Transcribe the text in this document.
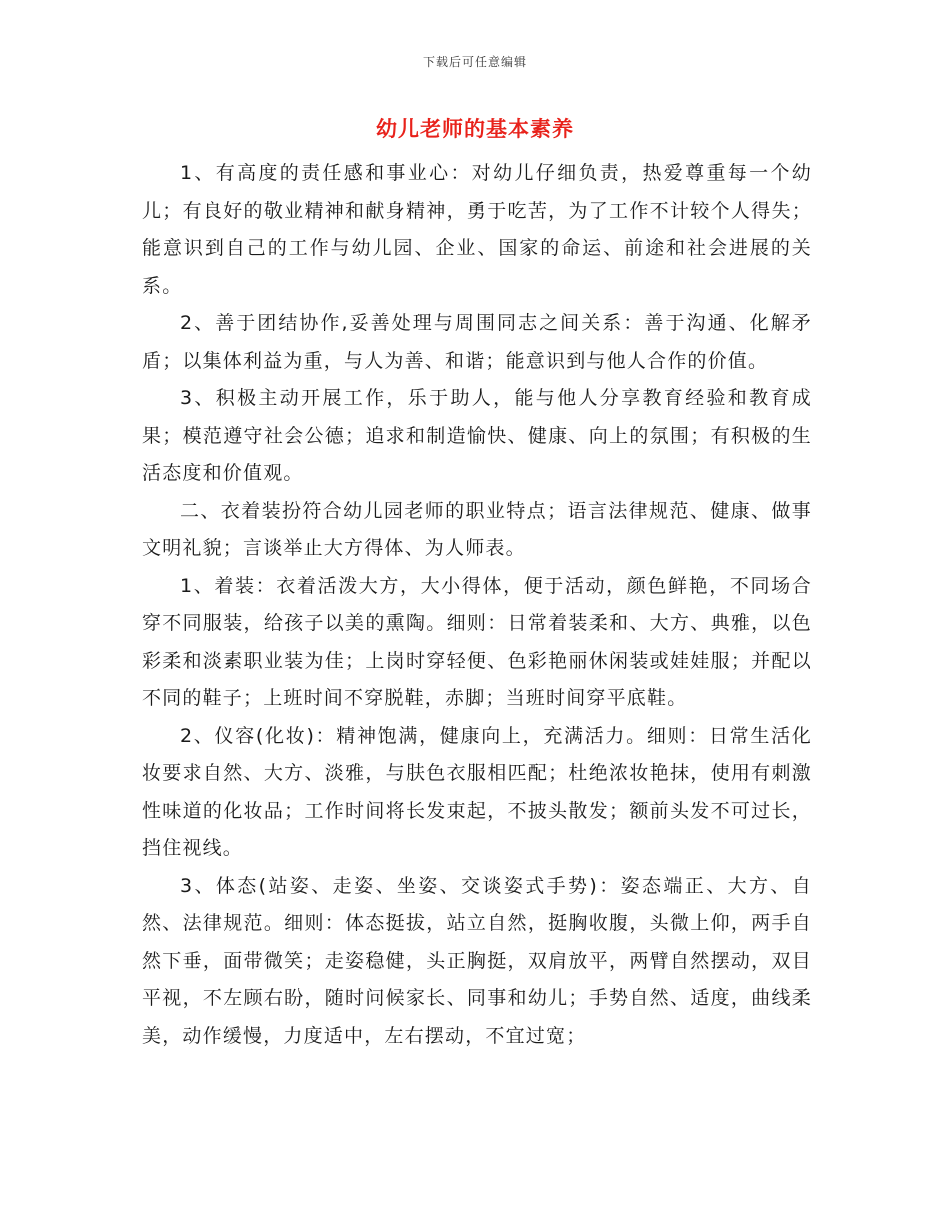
下载后可任意编辑
幼儿老师的基本素养

1、有高度的责任感和事业心：对幼儿仔细负责，热爱尊重每一个幼儿；有良好的敬业精神和献身精神，勇于吃苦，为了工作不计较个人得失；能意识到自己的工作与幼儿园、企业、国家的命运、前途和社会进展的关系。

2、善于团结协作,妥善处理与周围同志之间关系：善于沟通、化解矛盾；以集体利益为重，与人为善、和谐；能意识到与他人合作的价值。

3、积极主动开展工作，乐于助人，能与他人分享教育经验和教育成果；模范遵守社会公德；追求和制造愉快、健康、向上的氛围；有积极的生活态度和价值观。

二、衣着装扮符合幼儿园老师的职业特点；语言法律规范、健康、做事文明礼貌；言谈举止大方得体、为人师表。

1、着装：衣着活泼大方，大小得体，便于活动，颜色鲜艳，不同场合穿不同服装，给孩子以美的熏陶。细则：日常着装柔和、大方、典雅，以色彩柔和淡素职业装为佳；上岗时穿轻便、色彩艳丽休闲装或娃娃服；并配以不同的鞋子；上班时间不穿脱鞋，赤脚；当班时间穿平底鞋。

2、仪容(化妆)：精神饱满，健康向上，充满活力。细则：日常生活化妆要求自然、大方、淡雅，与肤色衣服相匹配；杜绝浓妆艳抹，使用有刺激性味道的化妆品；工作时间将长发束起，不披头散发；额前头发不可过长，挡住视线。

3、体态(站姿、走姿、坐姿、交谈姿式手势)：姿态端正、大方、自然、法律规范。细则：体态挺拔，站立自然，挺胸收腹，头微上仰，两手自然下垂，面带微笑；走姿稳健，头正胸挺，双肩放平，两臂自然摆动，双目平视，不左顾右盼，随时问候家长、同事和幼儿；手势自然、适度，曲线柔美，动作缓慢，力度适中，左右摆动，不宜过宽；
